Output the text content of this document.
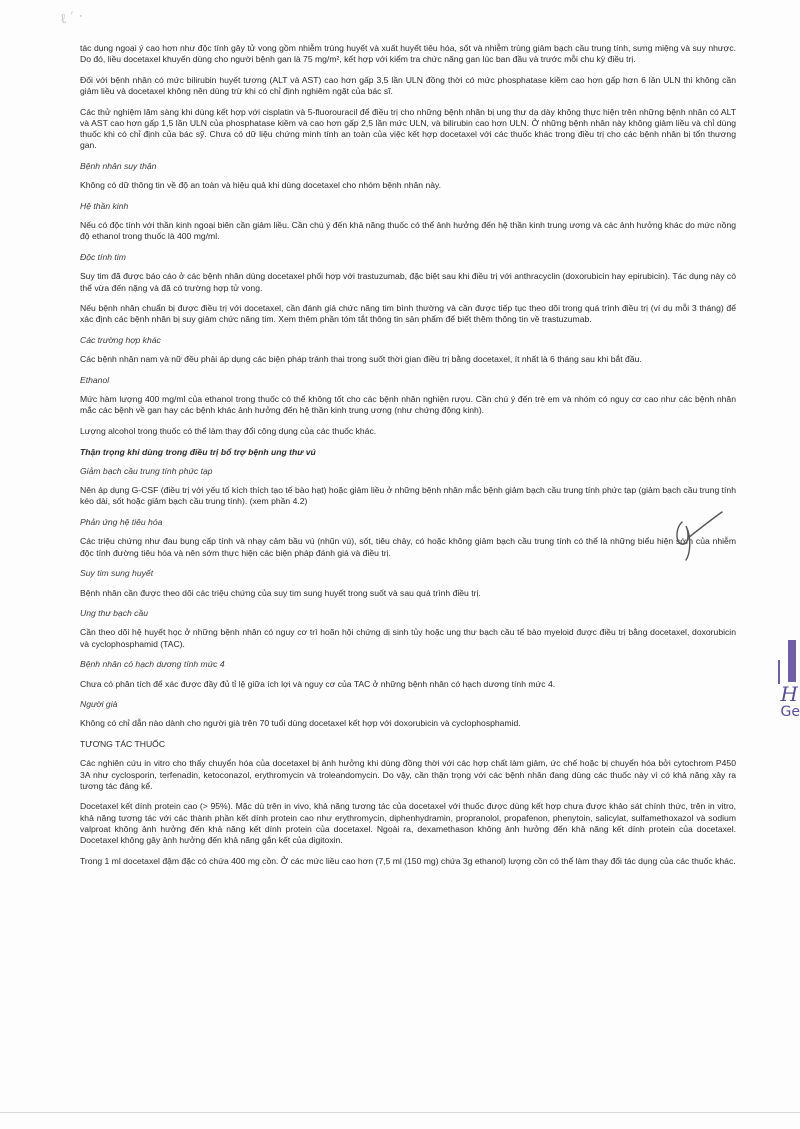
ℓ ′ ·

tác dụng ngoại ý cao hơn như độc tính gây tử vong gồm nhiễm trùng huyết và xuất huyết tiêu hóa, sốt và nhiễm trùng giảm bạch cầu trung tính, sưng miệng và suy nhược. Do đó, liều docetaxel khuyến dùng cho người bệnh gan là 75 mg/m², kết hợp với kiểm tra chức năng gan lúc ban đầu và trước mỗi chu kỳ điều trị.

Đối với bệnh nhân có mức bilirubin huyết tương (ALT và AST) cao hơn gấp 3,5 lần ULN đồng thời có mức phosphatase kiềm cao hơn gấp hơn 6 lần ULN thì không cần giảm liều và docetaxel không nên dùng trừ khi có chỉ định nghiêm ngặt của bác sĩ.

Các thử nghiệm lâm sàng khi dùng kết hợp với cisplatin và 5-fluorouracil để điều trị cho những bệnh nhân bị ung thư dạ dày không thực hiện trên những bệnh nhân có ALT và AST cao hơn gấp 1,5 lần ULN của phosphatase kiềm và cao hơn gấp 2,5 lần mức ULN, và bilirubin cao hơn ULN. Ở những bệnh nhân này không giảm liều và chỉ dùng thuốc khi có chỉ định của bác sỹ. Chưa có dữ liệu chứng minh tính an toàn của việc kết hợp docetaxel với các thuốc khác trong điều trị cho các bệnh nhân bị tổn thương gan.

Bệnh nhân suy thận

Không có dữ thông tin về độ an toàn và hiệu quả khi dùng docetaxel cho nhóm bệnh nhân này.

Hệ thần kinh

Nếu có độc tính với thần kinh ngoại biên cần giảm liều. Cần chú ý đến khả năng thuốc có thể ảnh hưởng đến hệ thần kinh trung ương và các ảnh hưởng khác do mức nồng độ ethanol trong thuốc là 400 mg/ml.

Độc tính tim

Suy tim đã được báo cáo ở các bệnh nhân dùng docetaxel phối hợp với trastuzumab, đặc biệt sau khi điều trị với anthracyclin (doxorubicin hay epirubicin). Tác dụng này có thể vừa đến nặng và đã có trường hợp tử vong.

Nếu bệnh nhân chuẩn bị được điều trị với docetaxel, cần đánh giá chức năng tim bình thường và cần được tiếp tục theo dõi trong quá trình điều trị (ví dụ mỗi 3 tháng) để xác định các bệnh nhân bị suy giảm chức năng tim. Xem thêm phần tóm tắt thông tin sản phẩm để biết thêm thông tin về trastuzumab.

Các trường hợp khác

Các bệnh nhân nam và nữ đều phải áp dụng các biện pháp tránh thai trong suốt thời gian điều trị bằng docetaxel, ít nhất là 6 tháng sau khi bắt đầu.

Ethanol

Mức hàm lượng 400 mg/ml của ethanol trong thuốc có thể không tốt cho các bệnh nhân nghiện rượu. Cần chú ý đến trẻ em và nhóm có nguy cơ cao như các bệnh nhân mắc các bệnh về gan hay các bệnh khác ảnh hưởng đến hệ thần kinh trung ương (như chứng động kinh).

Lượng alcohol trong thuốc có thể làm thay đổi công dụng của các thuốc khác.

Thận trọng khi dùng trong điều trị bổ trợ bệnh ung thư vú

Giảm bạch cầu trung tính phức tạp

Nên áp dụng G-CSF (điều trị với yếu tố kích thích tạo tế bào hạt) hoặc giảm liều ở những bệnh nhân mắc bệnh giảm bạch cầu trung tính phức tạp (giảm bạch cầu trung tính kéo dài, sốt hoặc giảm bạch cầu trung tính). (xem phần 4.2)

Phản ứng hệ tiêu hóa

Các triệu chứng như đau bụng cấp tính và nhạy cảm bầu vú (nhũn vú), sốt, tiêu chảy, có hoặc không giảm bạch cầu trung tính có thể là những biểu hiện sớm của nhiễm độc tính đường tiêu hóa và nên sớm thực hiện các biện pháp đánh giá và điều trị.

Suy tim sung huyết

Bệnh nhân cần được theo dõi các triệu chứng của suy tim sung huyết trong suốt và sau quá trình điều trị.

Ung thư bạch cầu

Cần theo dõi hệ huyết học ở những bệnh nhân có nguy cơ trì hoãn hội chứng dị sinh tủy hoặc ung thư bạch cầu tế bào myeloid được điều trị bằng docetaxel, doxorubicin và cyclophosphamid (TAC).

Bệnh nhân có hạch dương tính mức 4

Chưa có phân tích để xác được đầy đủ tỉ lệ giữa ích lợi và nguy cơ của TAC ở những bệnh nhân có hạch dương tính mức 4.

Người già

Không có chỉ dẫn nào dành cho người già trên 70 tuổi dùng docetaxel kết hợp với doxorubicin và cyclophosphamid.

TƯƠNG TÁC THUỐC

Các nghiên cứu in vitro cho thấy chuyển hóa của docetaxel bị ảnh hưởng khi dùng đồng thời với các hợp chất làm giảm, ức chế hoặc bị chuyển hóa bởi cytochrom P450 3A như cyclosporin, terfenadin, ketoconazol, erythromycin và troleandomycin. Do vậy, cần thận trọng với các bệnh nhân đang dùng các thuốc này vì có khả năng xảy ra tương tác đáng kể.

Docetaxel kết dính protein cao (> 95%). Mặc dù trên in vivo, khả năng tương tác của docetaxel với thuốc được dùng kết hợp chưa được khảo sát chính thức, trên in vitro, khả năng tương tác với các thành phần kết dính protein cao như erythromycin, diphenhydramin, propranolol, propafenon, phenytoin, salicylat, sulfamethoxazol và sodium valproat không ảnh hưởng đến khả năng kết dính protein của docetaxel. Ngoài ra, dexamethason không ảnh hưởng đến khả năng kết dính protein của docetaxel. Docetaxel không gây ảnh hưởng đến khả năng gắn kết của digitoxin.

Trong 1 ml docetaxel đậm đặc có chứa 400 mg cồn. Ở các mức liều cao hơn (7,5 ml (150 mg) chứa 3g ethanol) lượng cồn có thể làm thay đổi tác dụng của các thuốc khác.

H
Ge
